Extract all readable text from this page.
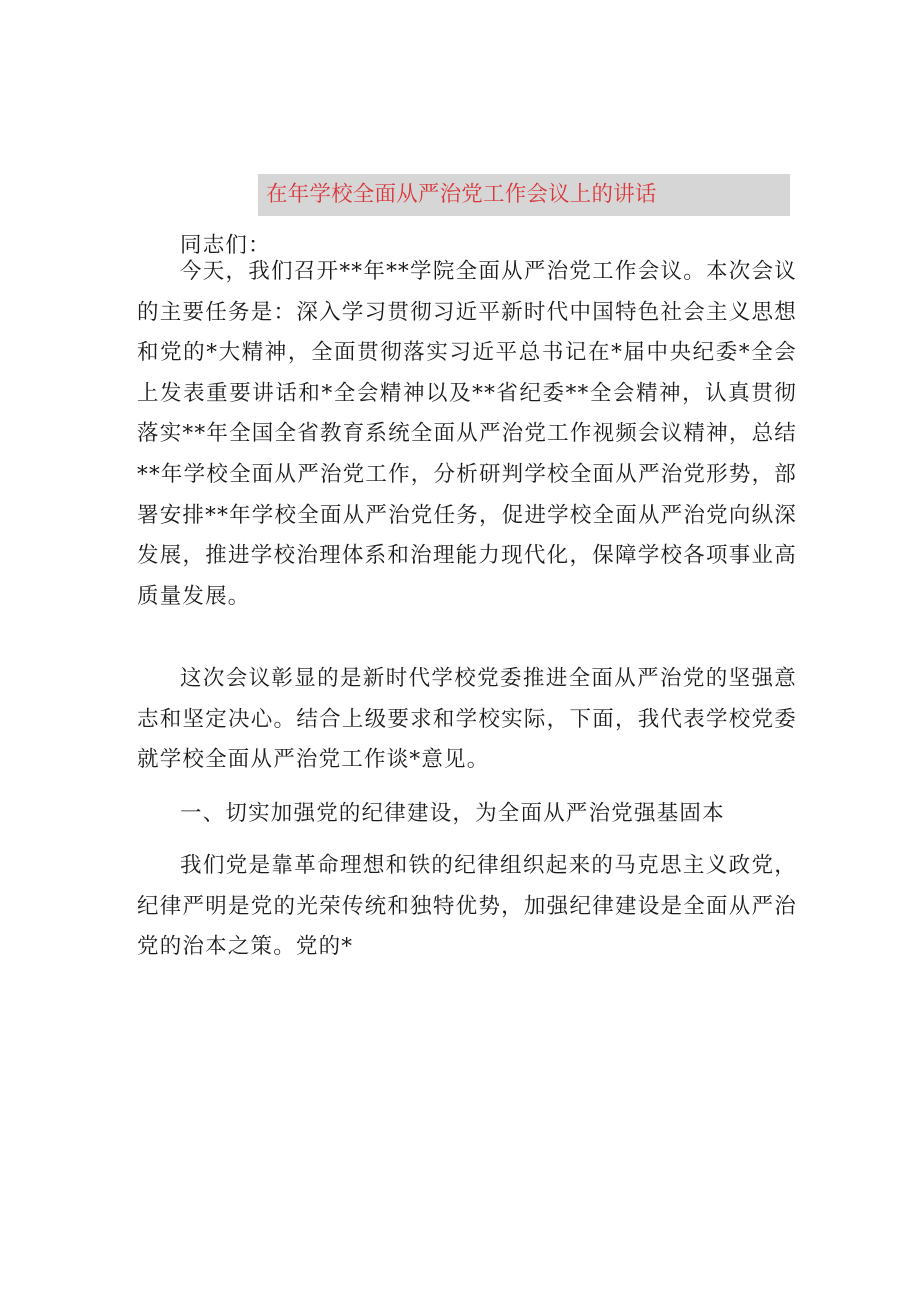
在年学校全面从严治党工作会议上的讲话
同志们：

今天，我们召开**年**学院全面从严治党工作会议。本次会议的主要任务是：深入学习贯彻习近平新时代中国特色社会主义思想和党的*大精神，全面贯彻落实习近平总书记在*届中央纪委*全会上发表重要讲话和*全会精神以及**省纪委**全会精神，认真贯彻落实**年全国全省教育系统全面从严治党工作视频会议精神，总结**年学校全面从严治党工作，分析研判学校全面从严治党形势，部署安排**年学校全面从严治党任务，促进学校全面从严治党向纵深发展，推进学校治理体系和治理能力现代化，保障学校各项事业高质量发展。

这次会议彰显的是新时代学校党委推进全面从严治党的坚强意志和坚定决心。结合上级要求和学校实际，下面，我代表学校党委就学校全面从严治党工作谈*意见。

一、切实加强党的纪律建设，为全面从严治党强基固本

我们党是靠革命理想和铁的纪律组织起来的马克思主义政党，纪律严明是党的光荣传统和独特优势，加强纪律建设是全面从严治党的治本之策。党的*
